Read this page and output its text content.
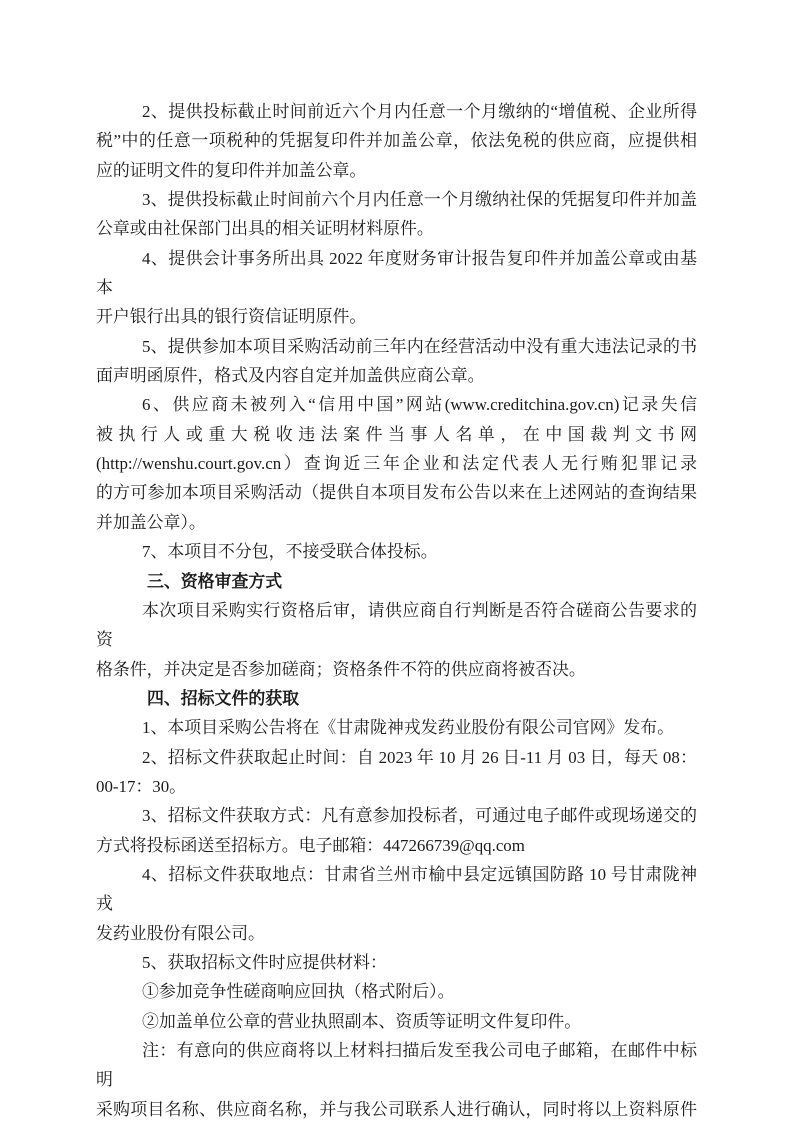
2、提供投标截止时间前近六个月内任意一个月缴纳的“增值税、企业所得
税”中的任意一项税种的凭据复印件并加盖公章，依法免税的供应商，应提供相
应的证明文件的复印件并加盖公章。
3、提供投标截止时间前六个月内任意一个月缴纳社保的凭据复印件并加盖
公章或由社保部门出具的相关证明材料原件。
4、提供会计事务所出具 2022 年度财务审计报告复印件并加盖公章或由基本
开户银行出具的银行资信证明原件。
5、提供参加本项目采购活动前三年内在经营活动中没有重大违法记录的书
面声明函原件，格式及内容自定并加盖供应商公章。
6、供应商未被列入“信用中国”网站(www.creditchina.gov.cn)记录失信
被执行人或重大税收违法案件当事人名单，在中国裁判文书网
(http://wenshu.court.gov.cn）查询近三年企业和法定代表人无行贿犯罪记录
的方可参加本项目采购活动（提供自本项目发布公告以来在上述网站的查询结果
并加盖公章）。
7、本项目不分包，不接受联合体投标。
三、资格审查方式
本次项目采购实行资格后审，请供应商自行判断是否符合磋商公告要求的资
格条件，并决定是否参加磋商；资格条件不符的供应商将被否决。
四、招标文件的获取
1、本项目采购公告将在《甘肃陇神戎发药业股份有限公司官网》发布。
2、招标文件获取起止时间：自 2023 年 10 月 26 日-11 月 03 日，每天 08：
00-17：30。
3、招标文件获取方式：凡有意参加投标者，可通过电子邮件或现场递交的
方式将投标函送至招标方。电子邮箱：447266739@qq.com
4、招标文件获取地点：甘肃省兰州市榆中县定远镇国防路 10 号甘肃陇神戎
发药业股份有限公司。
5、获取招标文件时应提供材料：
①参加竞争性磋商响应回执（格式附后）。
②加盖单位公章的营业执照副本、资质等证明文件复印件。
注：有意向的供应商将以上材料扫描后发至我公司电子邮箱，在邮件中标明
采购项目名称、供应商名称，并与我公司联系人进行确认，同时将以上资料原件
